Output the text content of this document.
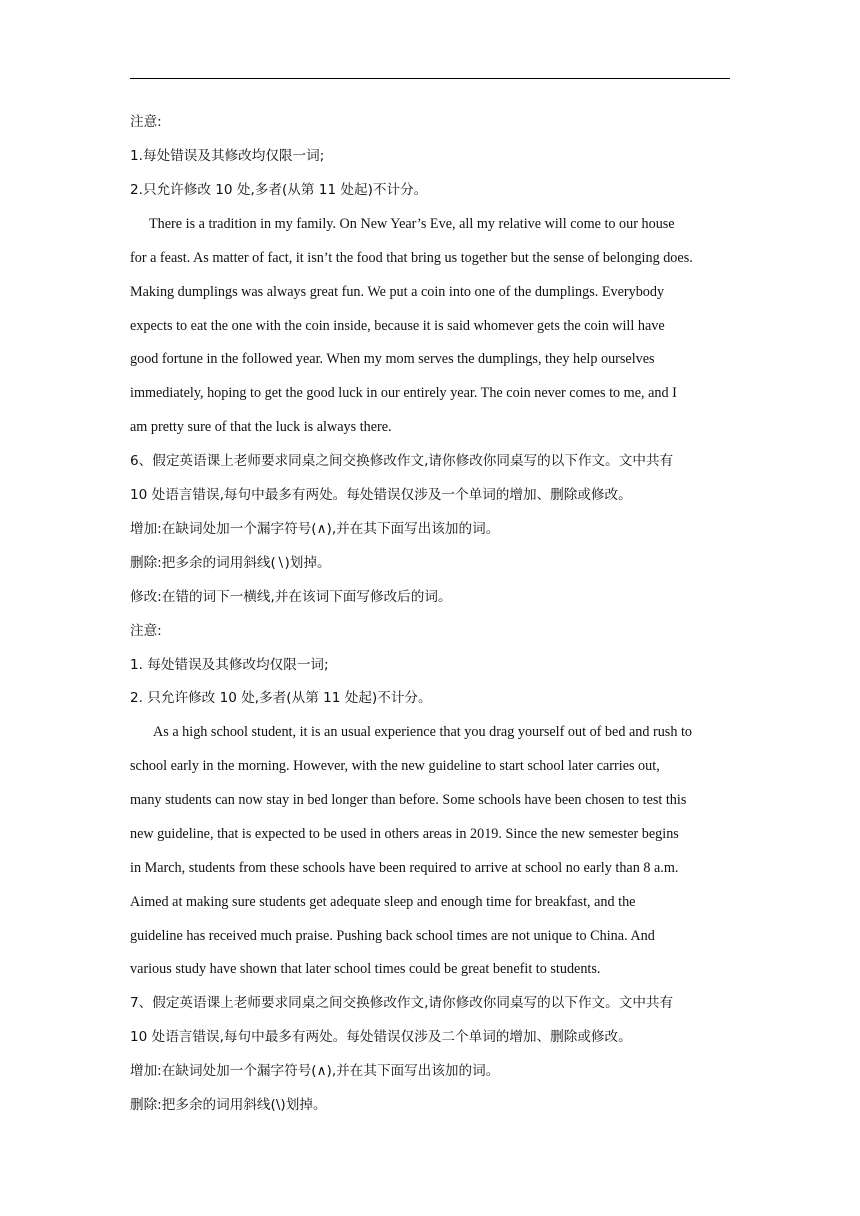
注意:
1.每处错误及其修改均仅限一词;
2.只允许修改 10 处,多者(从第 11 处起)不计分。
There is a tradition in my family. On New Year’s Eve, all my relative will come to our house
for a feast. As matter of fact, it isn’t the food that bring us together but the sense of belonging does.
Making dumplings was always great fun. We put a coin into one of the dumplings. Everybody
expects to eat the one with the coin inside, because it is said whomever gets the coin will have
good fortune in the followed year. When my mom serves the dumplings, they help ourselves
immediately, hoping to get the good luck in our entirely year. The coin never comes to me, and I
am pretty sure of that the luck is always there.
6、假定英语课上老师要求同桌之间交换修改作文,请你修改你同桌写的以下作文。文中共有
10 处语言错误,每句中最多有两处。每处错误仅涉及一个单词的增加、删除或修改。
增加:在缺词处加一个漏字符号(∧),并在其下面写出该加的词。
删除:把多余的词用斜线(∖)划掉。
修改:在错的词下一横线,并在该词下面写修改后的词。
注意:
1. 每处错误及其修改均仅限一词;
2. 只允许修改 10 处,多者(从第 11 处起)不计分。
As a high school student, it is an usual experience that you drag yourself out of bed and rush to
school early in the morning. However, with the new guideline to start school later carries out,
many students can now stay in bed longer than before. Some schools have been chosen to test this
new guideline, that is expected to be used in others areas in 2019. Since the new semester begins
in March, students from these schools have been required to arrive at school no early than 8 a.m.
Aimed at making sure students get adequate sleep and enough time for breakfast, and the
guideline has received much praise. Pushing back school times are not unique to China. And
various study have shown that later school times could be great benefit to students.
7、假定英语课上老师要求同桌之间交换修改作文,请你修改你同桌写的以下作文。文中共有
10 处语言错误,每句中最多有两处。每处错误仅涉及二个单词的增加、删除或修改。
增加:在缺词处加一个漏字符号(∧),并在其下面写出该加的词。
删除:把多余的词用斜线(\)划掉。
